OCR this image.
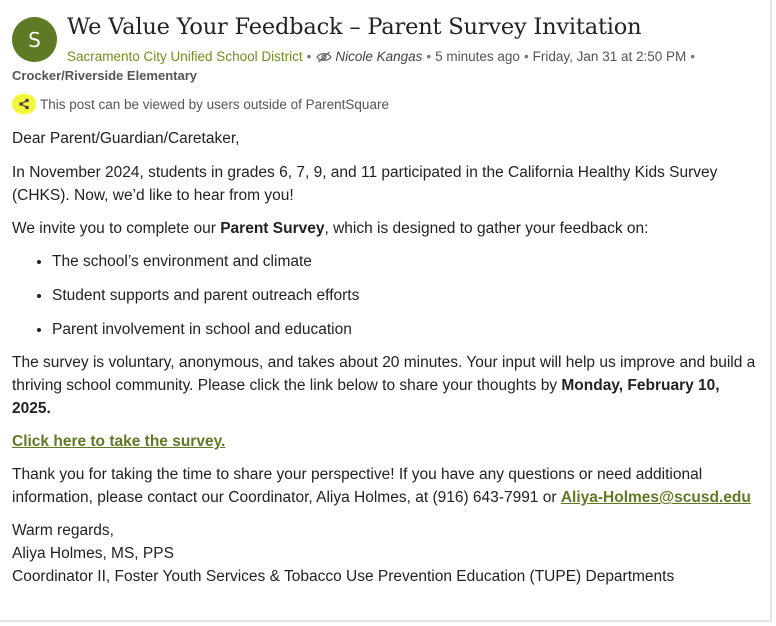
S We Value Your Feedback – Parent Survey Invitation
Sacramento City Unified School District • Nicole Kangas • 5 minutes ago • Friday, Jan 31 at 2:50 PM •
Crocker/Riverside Elementary
This post can be viewed by users outside of ParentSquare

Dear Parent/Guardian/Caretaker,

In November 2024, students in grades 6, 7, 9, and 11 participated in the California Healthy Kids Survey (CHKS). Now, we’d like to hear from you!

We invite you to complete our Parent Survey, which is designed to gather your feedback on:

• The school’s environment and climate
• Student supports and parent outreach efforts
• Parent involvement in school and education

The survey is voluntary, anonymous, and takes about 20 minutes. Your input will help us improve and build a thriving school community. Please click the link below to share your thoughts by Monday, February 10, 2025.

Click here to take the survey.

Thank you for taking the time to share your perspective! If you have any questions or need additional information, please contact our Coordinator, Aliya Holmes, at (916) 643-7991 or Aliya-Holmes@scusd.edu

Warm regards,

Aliya Holmes, MS, PPS

Coordinator II, Foster Youth Services & Tobacco Use Prevention Education (TUPE) Departments
